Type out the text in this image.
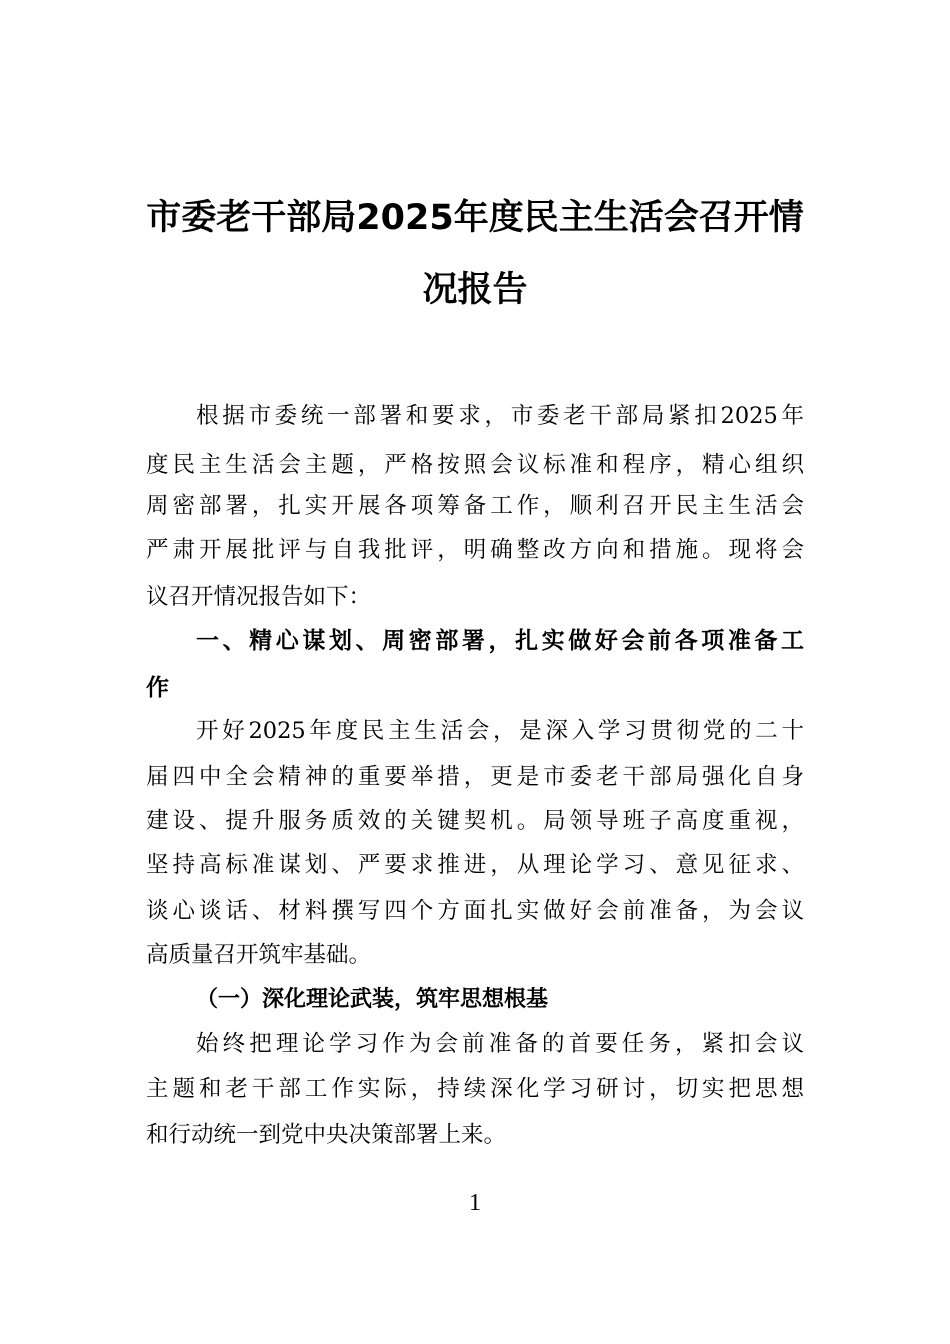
市委老干部局2025年度民主生活会召开情
况报告
根据市委统一部署和要求，市委老干部局紧扣2025年
度民主生活会主题，严格按照会议标准和程序，精心组织
周密部署，扎实开展各项筹备工作，顺利召开民主生活会
严肃开展批评与自我批评，明确整改方向和措施。现将会
议召开情况报告如下：
一、精心谋划、周密部署，扎实做好会前各项准备工
作
开好2025年度民主生活会，是深入学习贯彻党的二十
届四中全会精神的重要举措，更是市委老干部局强化自身
建设、提升服务质效的关键契机。局领导班子高度重视，
坚持高标准谋划、严要求推进，从理论学习、意见征求、
谈心谈话、材料撰写四个方面扎实做好会前准备，为会议
高质量召开筑牢基础。
（一）深化理论武装，筑牢思想根基
始终把理论学习作为会前准备的首要任务，紧扣会议
主题和老干部工作实际，持续深化学习研讨，切实把思想
和行动统一到党中央决策部署上来。
1
